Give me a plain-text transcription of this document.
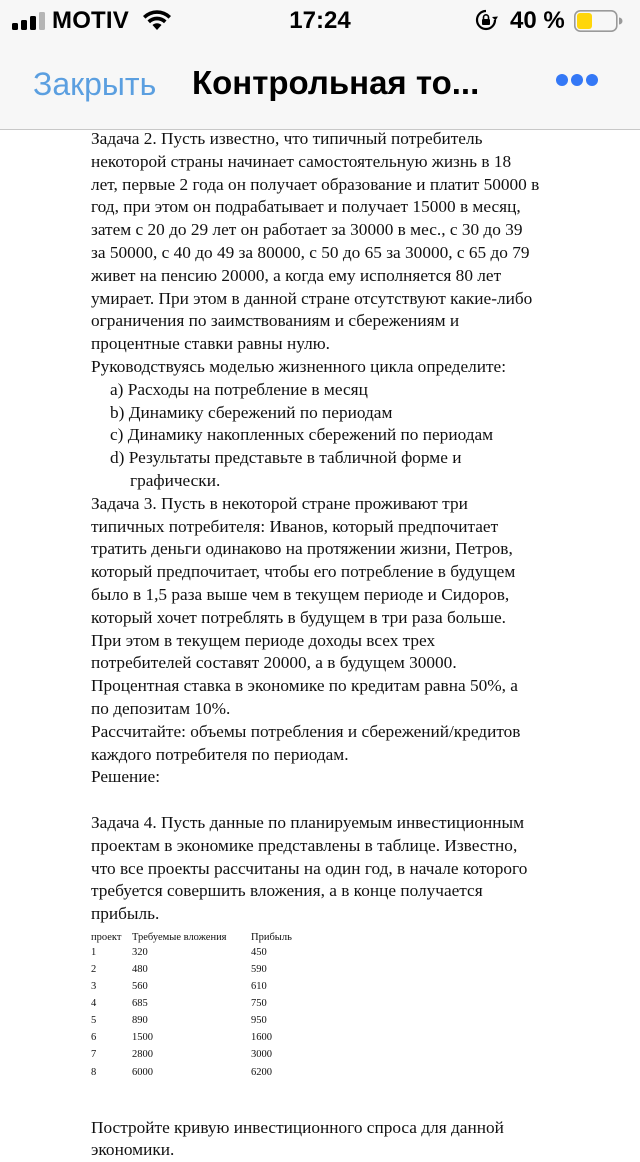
MOTIV	17:24	40 %
Закрыть Контрольная то...
Задача 2. Пусть известно, что типичный потребитель
некоторой страны начинает самостоятельную жизнь в 18
лет, первые 2 года он получает образование и платит 50000 в
год, при этом он подрабатывает и получает 15000 в месяц,
затем с 20 до 29 лет он работает за 30000 в мес., с 30 до 39
за 50000, с 40 до 49 за 80000, с 50 до 65 за 30000, с 65 до 79
живет на пенсию 20000, а когда ему исполняется 80 лет
умирает. При этом в данной стране отсутствуют какие-либо
ограничения по заимствованиям и сбережениям и
процентные ставки равны нулю.
Руководствуясь моделью жизненного цикла определите:
a) Расходы на потребление в месяц
b) Динамику сбережений по периодам
c) Динамику накопленных сбережений по периодам
d) Результаты представьте в табличной форме и
графически.
Задача 3. Пусть в некоторой стране проживают три
типичных потребителя: Иванов, который предпочитает
тратить деньги одинаково на протяжении жизни, Петров,
который предпочитает, чтобы его потребление в будущем
было в 1,5 раза выше чем в текущем периоде и Сидоров,
который хочет потреблять в будущем в три раза больше.
При этом в текущем периоде доходы всех трех
потребителей составят 20000, а в будущем 30000.
Процентная ставка в экономике по кредитам равна 50%, а
по депозитам 10%.
Рассчитайте: объемы потребления и сбережений/кредитов
каждого потребителя по периодам.
Решение:
Задача 4. Пусть данные по планируемым инвестиционным
проектам в экономике представлены в таблице. Известно,
что все проекты рассчитаны на один год, в начале которого
требуется совершить вложения, а в конце получается
прибыль.
проект Требуемые вложения Прибыль
1	320	450
2	480	590
3	560	610
4	685	750
5	890	950
6	1500	1600
7	2800	3000
8	6000	6200
Постройте кривую инвестиционного спроса для данной
экономики.
